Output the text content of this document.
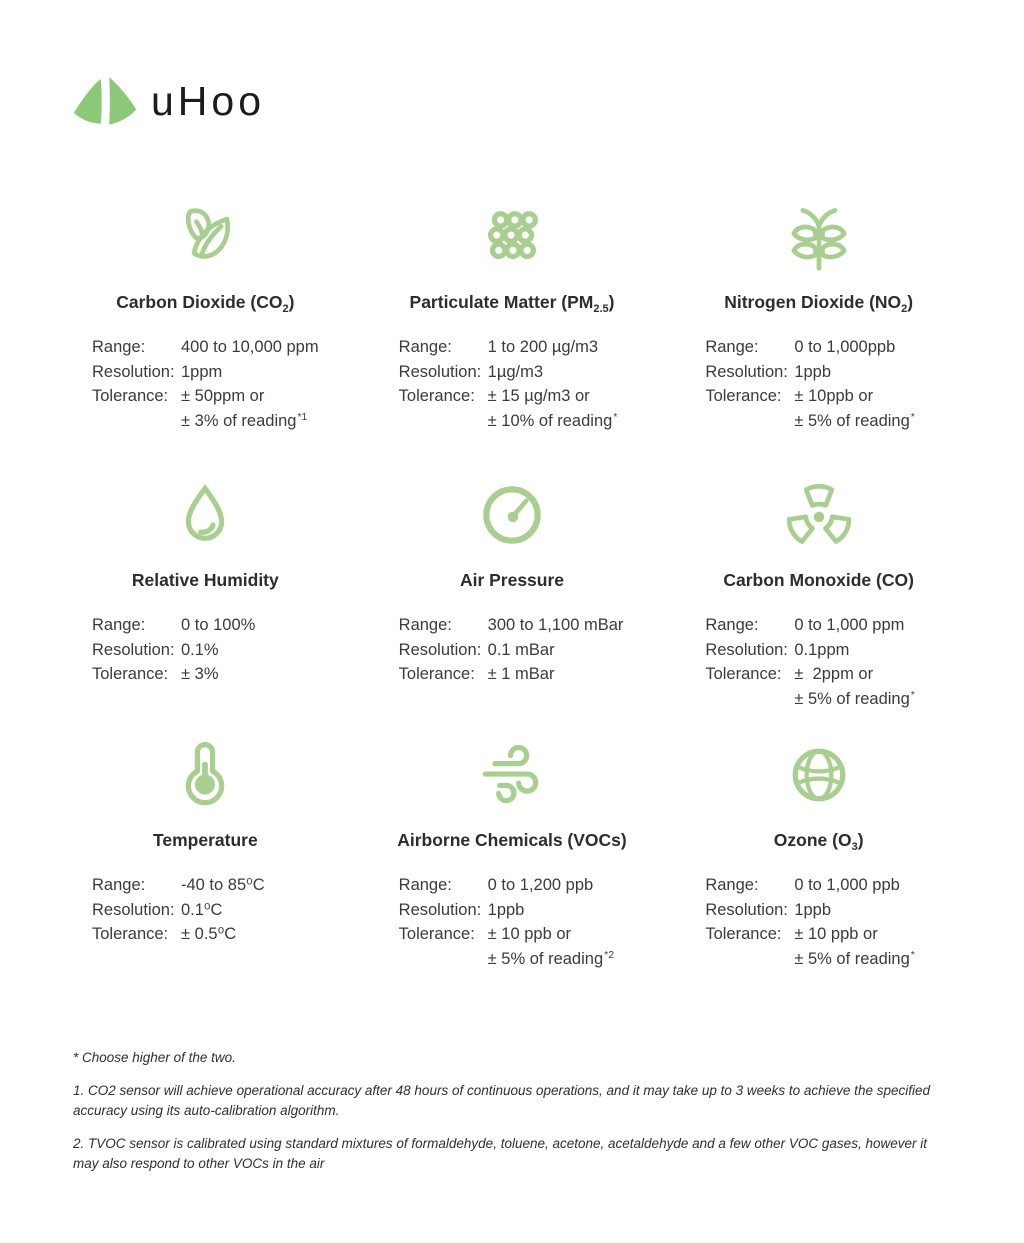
uHoo
Carbon Dioxide $(CO_2)$
Range:	400 to 10,000 ppm
Resolution: 1ppm
Tolerance: ± 50ppm or
± 3% of reading *1
Particulate Matter $(PM_{2.5})$
Range:	1 to 200 µg/m3
Resolution: 1µg/m3
Tolerance: ± 15 µg/m3 or
± 10% of reading *
Nitrogen Dioxide $(NO_2)$
Range:	0 to 1,000ppb
Resolution: 1ppb
Tolerance: ± 10ppb or
± 5% of reading *
Relative Humidity
Range:	0 to 100%
Resolution: 0.1%
Tolerance: ± 3%
Air Pressure
Range:	300 to 1,100 mBar
Resolution: 0.1 mBar
Tolerance: ± 1 mBar
Carbon Monoxide (CO)
Range:	0 to 1,000 ppm
Resolution: 0.1ppm
Tolerance: ±  2ppm or
± 5% of reading *
Temperature
Range:	-40 to 85⁰C
Resolution: 0.1⁰C
Tolerance: ± 0.5⁰C
Airborne Chemicals (VOCs)
Range:	0 to 1,200 ppb
Resolution: 1ppb
Tolerance: ± 10 ppb or
± 5% of reading *2
Ozone $(O_3)$
Range:	0 to 1,000 ppb
Resolution: 1ppb
Tolerance: ± 10 ppb or
± 5% of reading *

* Choose higher of the two.

1. CO2 sensor will achieve operational accuracy after 48 hours of continuous operations, and it may take up to 3 weeks to achieve the specified accuracy using its auto-calibration algorithm.

2. TVOC sensor is calibrated using standard mixtures of formaldehyde, toluene, acetone, acetaldehyde and a few other VOC gases, however it may also respond to other VOCs in the air
